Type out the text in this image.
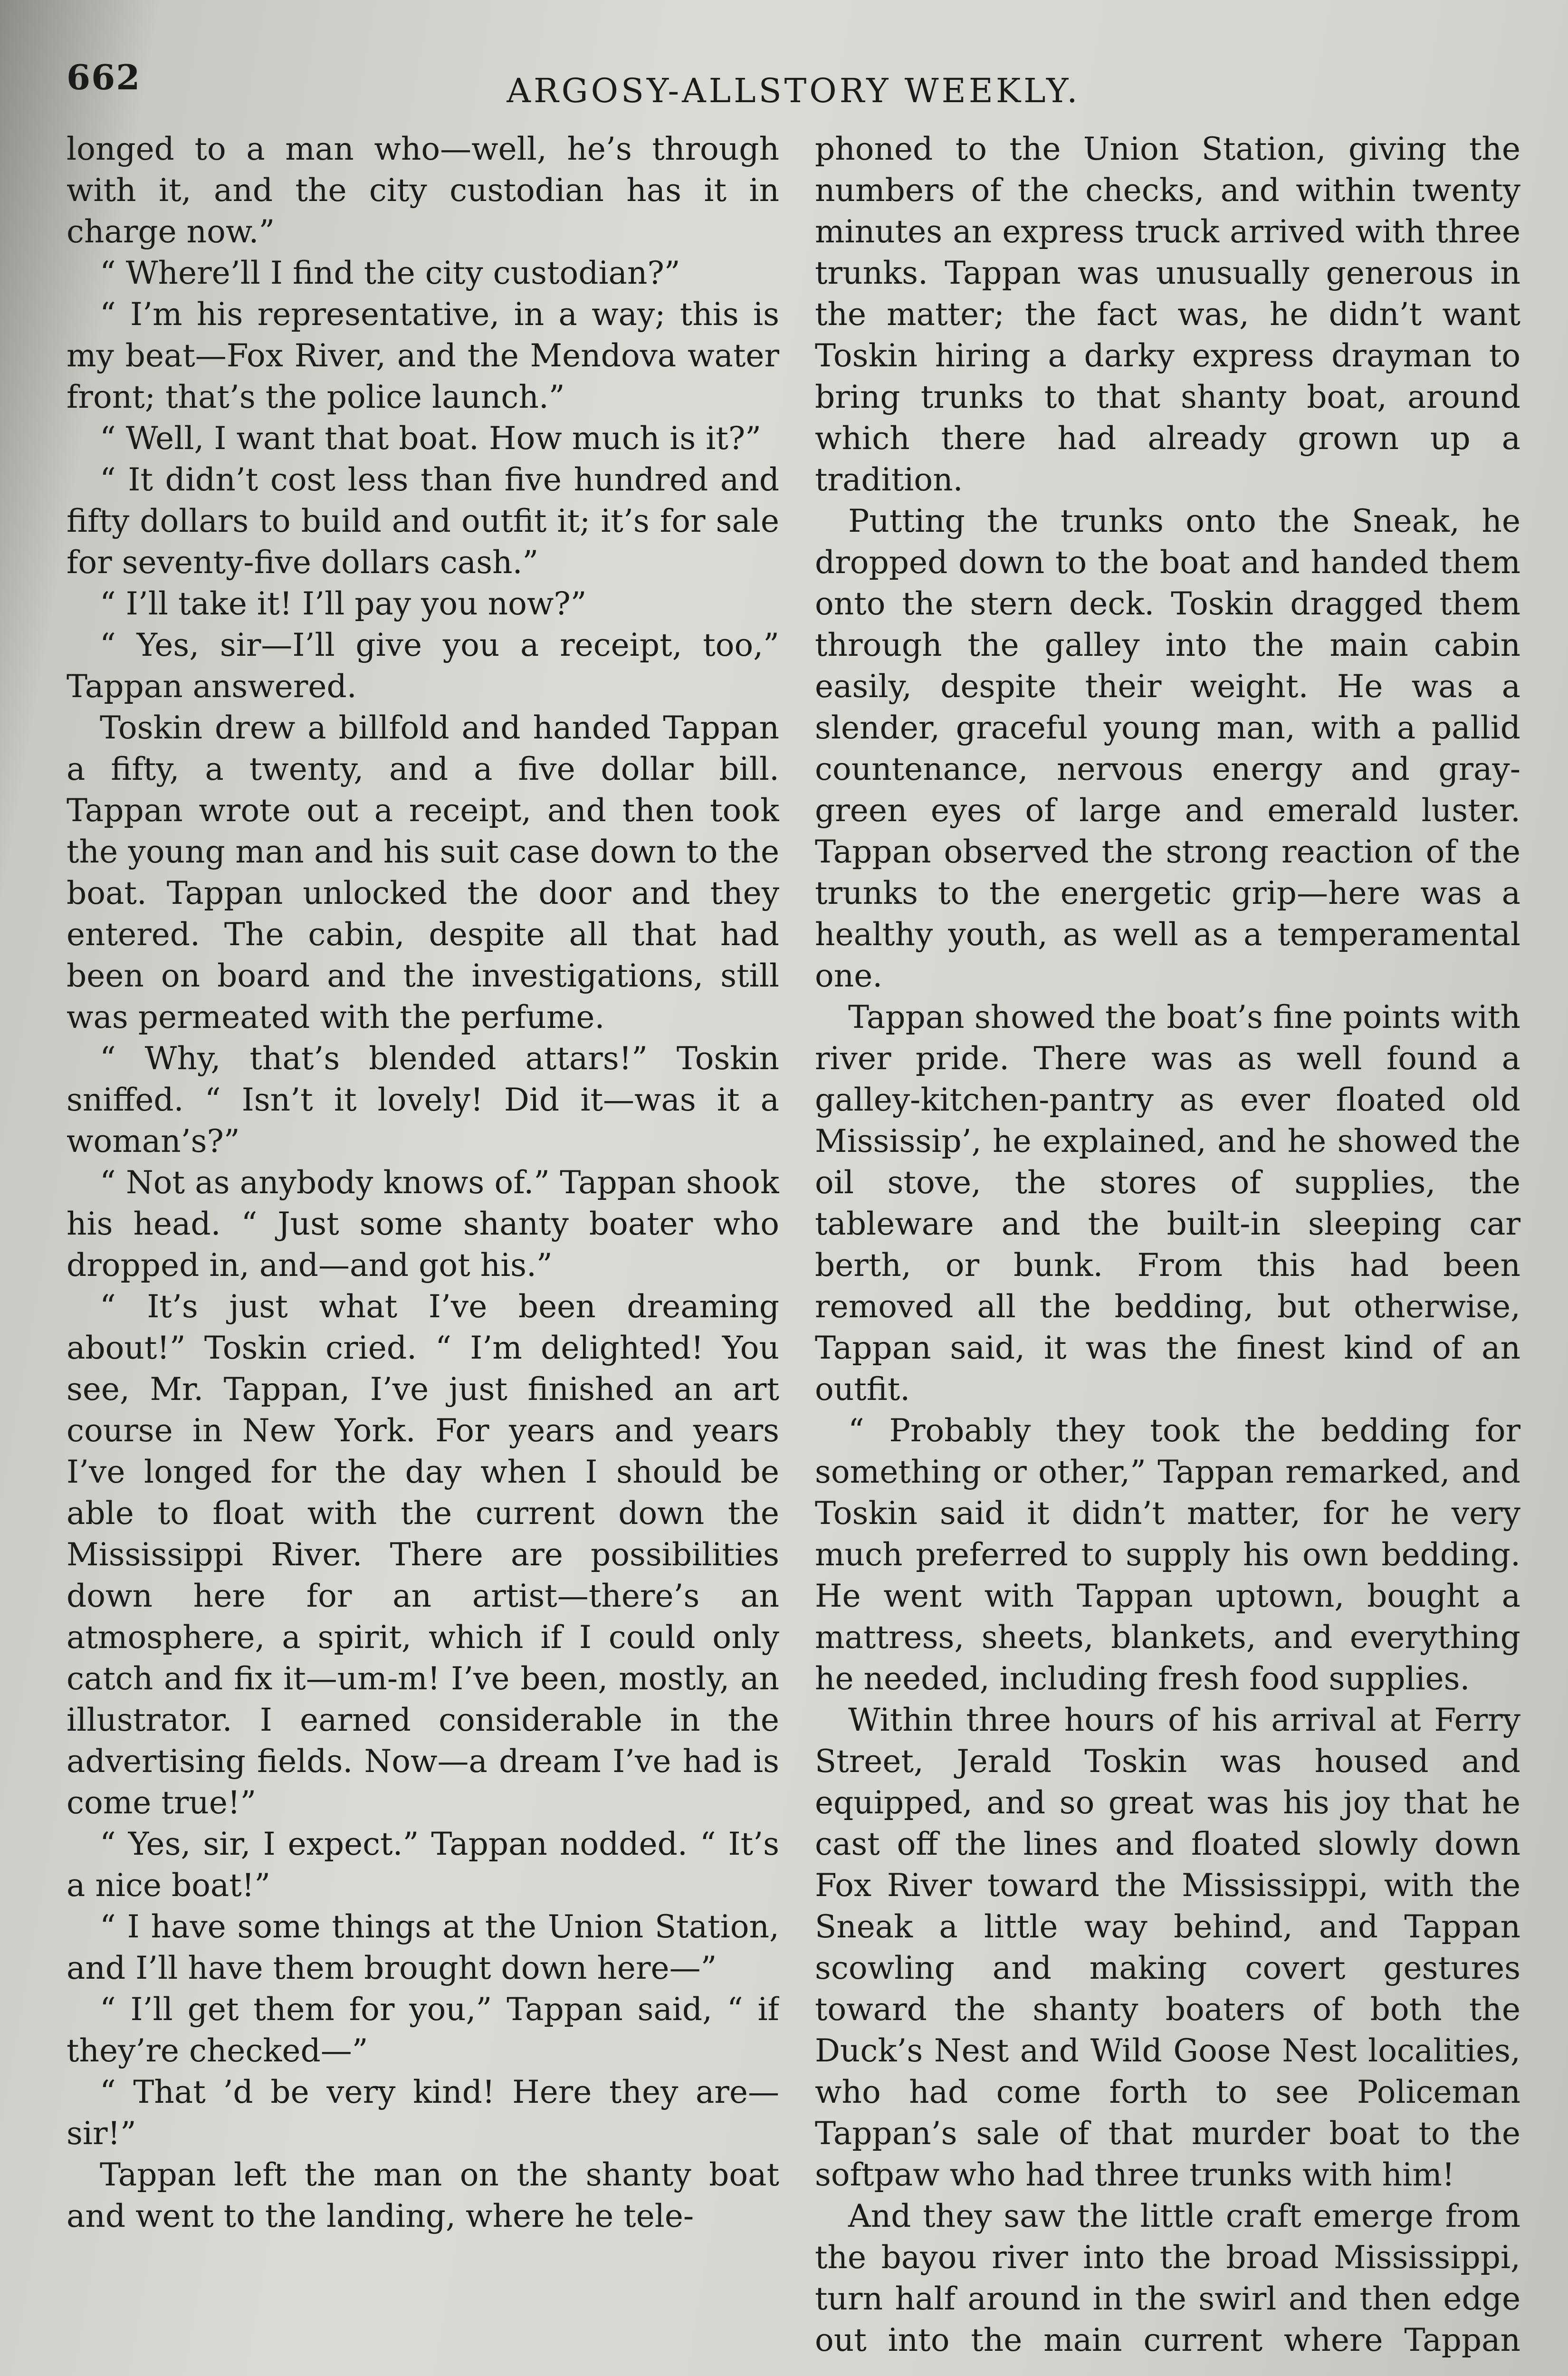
662	ARGOSY-ALLSTORY WEEKLY.

longed to a man who—well, he’s through with it, and the city custodian has it in charge now.”

“ Where’ll I find the city custodian?”

“ I’m his representative, in a way; this is my beat—Fox River, and the Mendova water front; that’s the police launch.”

“ Well, I want that boat. How much is it?”

“ It didn’t cost less than five hundred and fifty dollars to build and outfit it; it’s for sale for seventy-five dollars cash.”

“ I’ll take it! I’ll pay you now?”

“ Yes, sir—I’ll give you a receipt, too,” Tappan answered.

Toskin drew a billfold and handed Tappan a fifty, a twenty, and a five dollar bill. Tappan wrote out a receipt, and then took the young man and his suit case down to the boat. Tappan unlocked the door and they entered. The cabin, despite all that had been on board and the investigations, still was permeated with the perfume.

“ Why, that’s blended attars!” Toskin sniffed. “ Isn’t it lovely! Did it—was it a woman’s?”

“ Not as anybody knows of.” Tappan shook his head. “ Just some shanty boater who dropped in, and—and got his.”

“ It’s just what I’ve been dreaming about!” Toskin cried. “ I’m delighted! You see, Mr. Tappan, I’ve just finished an art course in New York. For years and years I’ve longed for the day when I should be able to float with the current down the Mississippi River. There are possibilities down here for an artist—there’s an atmosphere, a spirit, which if I could only catch and fix it—um-m! I’ve been, mostly, an illustrator. I earned considerable in the advertising fields. Now—a dream I’ve had is come true!”

“ Yes, sir, I expect.” Tappan nodded. “ It’s a nice boat!”

“ I have some things at the Union Station, and I’ll have them brought down here—”

“ I’ll get them for you,” Tappan said, “ if they’re checked—”

“ That ’d be very kind! Here they are—sir!”

Tappan left the man on the shanty boat and went to the landing, where he tele-

phoned to the Union Station, giving the numbers of the checks, and within twenty minutes an express truck arrived with three trunks. Tappan was unusually generous in the matter; the fact was, he didn’t want Toskin hiring a darky express drayman to bring trunks to that shanty boat, around which there had already grown up a tradition.

Putting the trunks onto the Sneak, he dropped down to the boat and handed them onto the stern deck. Toskin dragged them through the galley into the main cabin easily, despite their weight. He was a slender, graceful young man, with a pallid countenance, nervous energy and gray-green eyes of large and emerald luster. Tappan observed the strong reaction of the trunks to the energetic grip—here was a healthy youth, as well as a temperamental one.

Tappan showed the boat’s fine points with river pride. There was as well found a galley-kitchen-pantry as ever floated old Mississip’, he explained, and he showed the oil stove, the stores of supplies, the tableware and the built-in sleeping car berth, or bunk. From this had been removed all the bedding, but otherwise, Tappan said, it was the finest kind of an outfit.

“ Probably they took the bedding for something or other,” Tappan remarked, and Toskin said it didn’t matter, for he very much preferred to supply his own bedding. He went with Tappan uptown, bought a mattress, sheets, blankets, and everything he needed, including fresh food supplies.

Within three hours of his arrival at Ferry Street, Jerald Toskin was housed and equipped, and so great was his joy that he cast off the lines and floated slowly down Fox River toward the Mississippi, with the Sneak a little way behind, and Tappan scowling and making covert gestures toward the shanty boaters of both the Duck’s Nest and Wild Goose Nest localities, who had come forth to see Policeman Tappan’s sale of that murder boat to the softpaw who had three trunks with him!

And they saw the little craft emerge from the bayou river into the broad Mississippi, turn half around in the swirl and then edge out into the main current where Tappan
